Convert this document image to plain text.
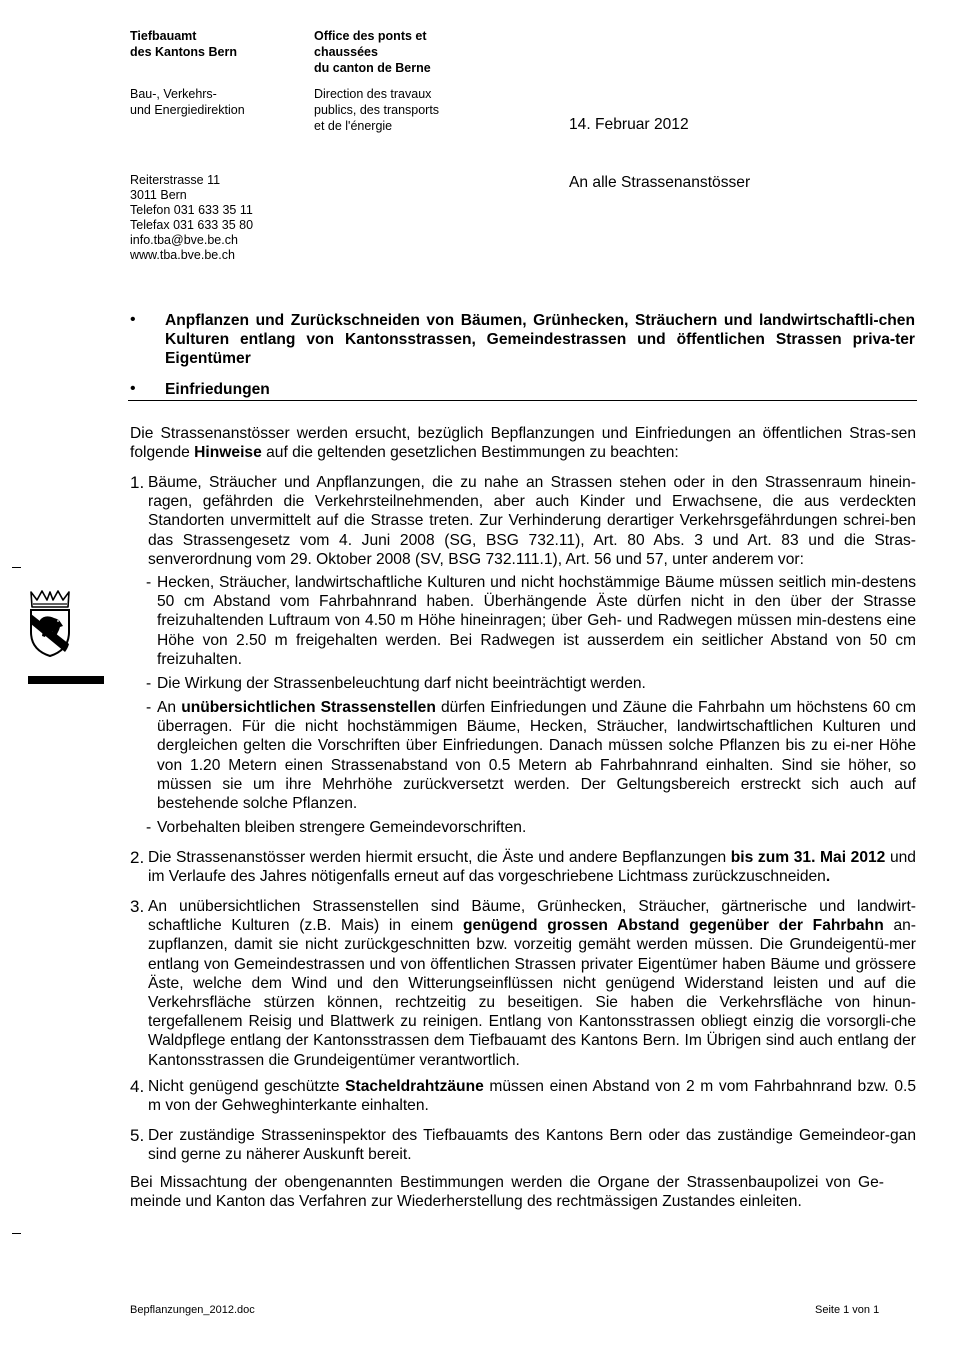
Tiefbauamt

des Kantons Bern

Bau-, Verkehrs-

und Energiedirektion

Office des ponts et

chaussées

du canton de Berne

Direction des travaux

publics, des transports

et de l'énergie	14. Februar 2012

Reiterstrasse 11

3011 Bern

Telefon 031 633 35 11

Telefax 031 633 35 80

info.tba@bve.be.ch

www.tba.bve.be.ch

An alle Strassenanstösser
• Anpflanzen und Zurückschneiden von Bäumen, Grünhecken, Sträuchern und landwirtschaftli-chen Kulturen entlang von Kantonsstrassen, Gemeindestrassen und öffentlichen Strassen priva-ter Eigentümer
• Einfriedungen

Die Strassenanstösser werden ersucht, bezüglich Bepflanzungen und Einfriedungen an öffentlichen Stras-sen folgende Hinweise auf die geltenden gesetzlichen Bestimmungen zu beachten:

1. Bäume, Sträucher und Anpflanzungen, die zu nahe an Strassen stehen oder in den Strassenraum hinein-ragen, gefährden die Verkehrsteilnehmenden, aber auch Kinder und Erwachsene, die aus verdeckten Standorten unvermittelt auf die Strasse treten. Zur Verhinderung derartiger Verkehrsgefährdungen schrei-ben das Strassengesetz vom 4. Juni 2008 (SG, BSG 732.11), Art. 80 Abs. 3 und Art. 83 und die Stras-senverordnung vom 29. Oktober 2008 (SV, BSG 732.111.1), Art. 56 und 57, unter anderem vor:

- Hecken, Sträucher, landwirtschaftliche Kulturen und nicht hochstämmige Bäume müssen seitlich min-destens 50 cm Abstand vom Fahrbahnrand haben. Überhängende Äste dürfen nicht in den über der Strasse freizuhaltenden Luftraum von 4.50 m Höhe hineinragen; über Geh- und Radwegen müssen min-destens eine Höhe von 2.50 m freigehalten werden. Bei Radwegen ist ausserdem ein seitlicher Abstand von 50 cm freizuhalten.

- Die Wirkung der Strassenbeleuchtung darf nicht beeinträchtigt werden.

- An unübersichtlichen Strassenstellen dürfen Einfriedungen und Zäune die Fahrbahn um höchstens 60 cm überragen. Für die nicht hochstämmigen Bäume, Hecken, Sträucher, landwirtschaftlichen Kulturen und dergleichen gelten die Vorschriften über Einfriedungen. Danach müssen solche Pflanzen bis zu ei-ner Höhe von 1.20 Metern einen Strassenabstand von 0.5 Metern ab Fahrbahnrand einhalten. Sind sie höher, so müssen sie um ihre Mehrhöhe zurückversetzt werden. Der Geltungsbereich erstreckt sich auch auf bestehende solche Pflanzen.

- Vorbehalten bleiben strengere Gemeindevorschriften.

2. Die Strassenanstösser werden hiermit ersucht, die Äste und andere Bepflanzungen bis zum 31. Mai 2012 und im Verlaufe des Jahres nötigenfalls erneut auf das vorgeschriebene Lichtmass zurückzuschneiden.

3. An unübersichtlichen Strassenstellen sind Bäume, Grünhecken, Sträucher, gärtnerische und landwirt-schaftliche Kulturen (z.B. Mais) in einem genügend grossen Abstand gegenüber der Fahrbahn an-zupflanzen, damit sie nicht zurückgeschnitten bzw. vorzeitig gemäht werden müssen. Die Grundeigentü-mer entlang von Gemeindestrassen und von öffentlichen Strassen privater Eigentümer haben Bäume und grössere Äste, welche dem Wind und den Witterungseinflüssen nicht genügend Widerstand leisten und auf die Verkehrsfläche stürzen können, rechtzeitig zu beseitigen. Sie haben die Verkehrsfläche von hinun-tergefallenem Reisig und Blattwerk zu reinigen. Entlang von Kantonsstrassen obliegt einzig die vorsorgli-che Waldpflege entlang der Kantonsstrassen dem Tiefbauamt des Kantons Bern. Im Übrigen sind auch entlang der Kantonsstrassen die Grundeigentümer verantwortlich.

4. Nicht genügend geschützte Stacheldrahtzäune müssen einen Abstand von 2 m vom Fahrbahnrand bzw. 0.5 m von der Gehweghinterkante einhalten.

5. Der zuständige Strasseninspektor des Tiefbauamts des Kantons Bern oder das zuständige Gemeindeor-gan sind gerne zu näherer Auskunft bereit.

Bei Missachtung der obengenannten Bestimmungen werden die Organe der Strassenbaupolizei von Ge-meinde und Kanton das Verfahren zur Wiederherstellung des rechtmässigen Zustandes einleiten.
Bepflanzungen_2012.doc	Seite 1 von 1
